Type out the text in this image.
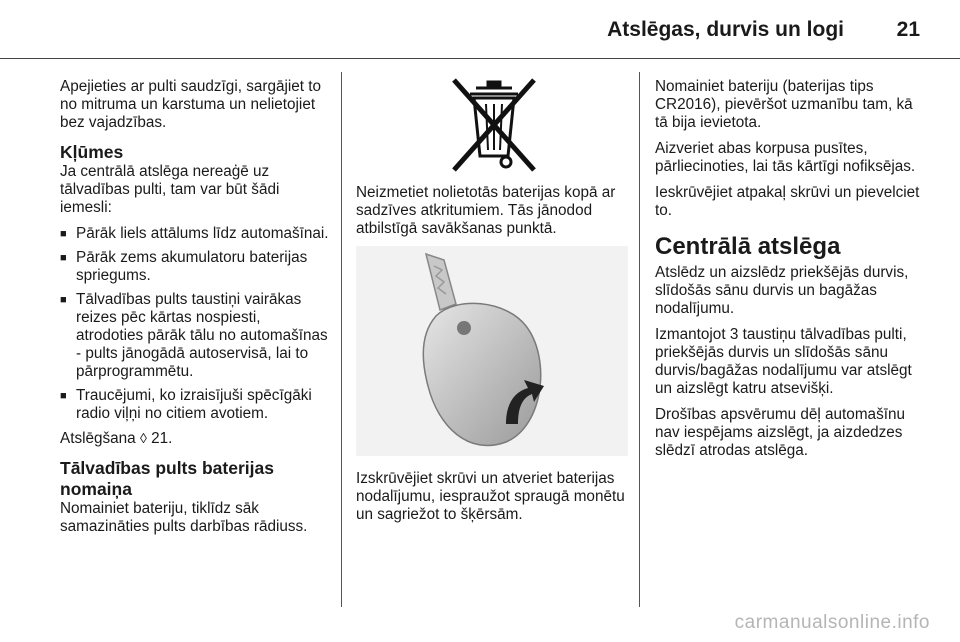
Atslēgas, durvis un logi	21

Apejieties ar pulti saudzīgi, sargājiet to no mitruma un karstuma un nelietojiet bez vajadzības.

Kļūmes

Ja centrālā atslēga nereaģē uz tālvadības pulti, tam var būt šādi iemesli:

■ Pārāk liels attālums līdz automašīnai.
■ Pārāk zems akumulatoru baterijas spriegums.
■ Tālvadības pults taustiņi vairākas reizes pēc kārtas nospiesti, atrodoties pārāk tālu no automašīnas - pults jānogādā autoservisā, lai to pārprogrammētu.
■ Traucējumi, ko izraisījuši spēcīgāki radio viļņi no citiem avotiem.

Atslēgšana ◊ 21.

Tālvadības pults baterijas nomaiņa

Nomainiet bateriju, tiklīdz sāk samazināties pults darbības rādiuss.

Neizmetiet nolietotās baterijas kopā ar sadzīves atkritumiem. Tās jānodod atbilstīgā savākšanas punktā.

Izskrūvējiet skrūvi un atveriet baterijas nodalījumu, iespraužot spraugā monētu un sagriežot to šķērsām.

Nomainiet bateriju (baterijas tips CR2016), pievēršot uzmanību tam, kā tā bija ievietota.

Aizveriet abas korpusa pusītes, pārliecinoties, lai tās kārtīgi nofiksējas.

Ieskrūvējiet atpakaļ skrūvi un pievelciet to.

Centrālā atslēga

Atslēdz un aizslēdz priekšējās durvis, slīdošās sānu durvis un bagāžas nodalījumu.

Izmantojot 3 taustiņu tālvadības pulti, priekšējās durvis un slīdošās sānu durvis/bagāžas nodalījumu var atslēgt un aizslēgt katru atsevišķi.

Drošības apsvērumu dēļ automašīnu nav iespējams aizslēgt, ja aizdedzes slēdzī atrodas atslēga.

carmanualsonline.info
